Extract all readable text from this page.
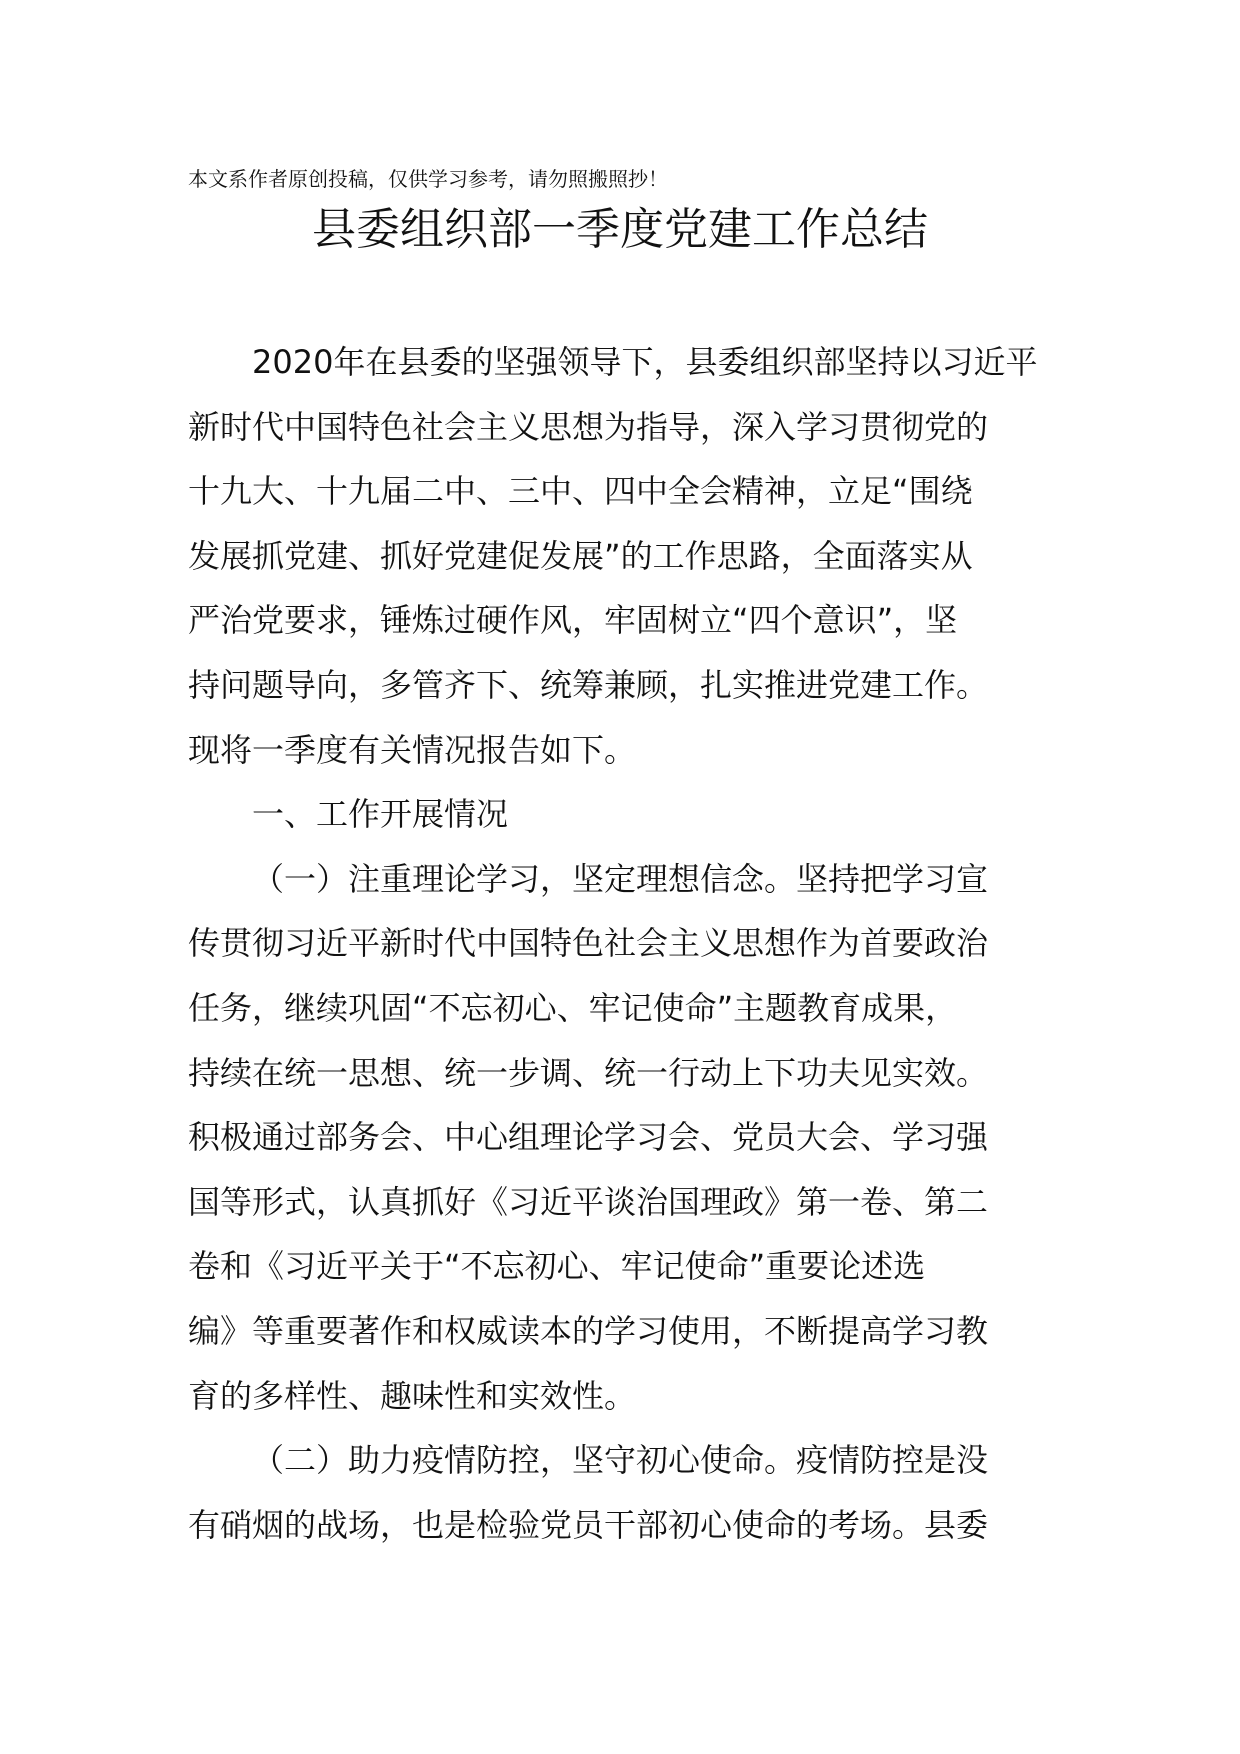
本文系作者原创投稿，仅供学习参考，请勿照搬照抄！
县委组织部一季度党建工作总结

2020年在县委的坚强领导下，县委组织部坚持以习近平
新时代中国特色社会主义思想为指导，深入学习贯彻党的
十九大、十九届二中、三中、四中全会精神，立足“围绕
发展抓党建、抓好党建促发展”的工作思路，全面落实从
严治党要求，锤炼过硬作风，牢固树立“四个意识”，坚
持问题导向，多管齐下、统筹兼顾，扎实推进党建工作。
现将一季度有关情况报告如下。

一、工作开展情况

（一）注重理论学习，坚定理想信念。坚持把学习宣
传贯彻习近平新时代中国特色社会主义思想作为首要政治
任务，继续巩固“不忘初心、牢记使命”主题教育成果，
持续在统一思想、统一步调、统一行动上下功夫见实效。
积极通过部务会、中心组理论学习会、党员大会、学习强
国等形式，认真抓好《习近平谈治国理政》第一卷、第二
卷和《习近平关于“不忘初心、牢记使命”重要论述选
编》等重要著作和权威读本的学习使用，不断提高学习教
育的多样性、趣味性和实效性。

（二）助力疫情防控，坚守初心使命。疫情防控是没
有硝烟的战场，也是检验党员干部初心使命的考场。县委
